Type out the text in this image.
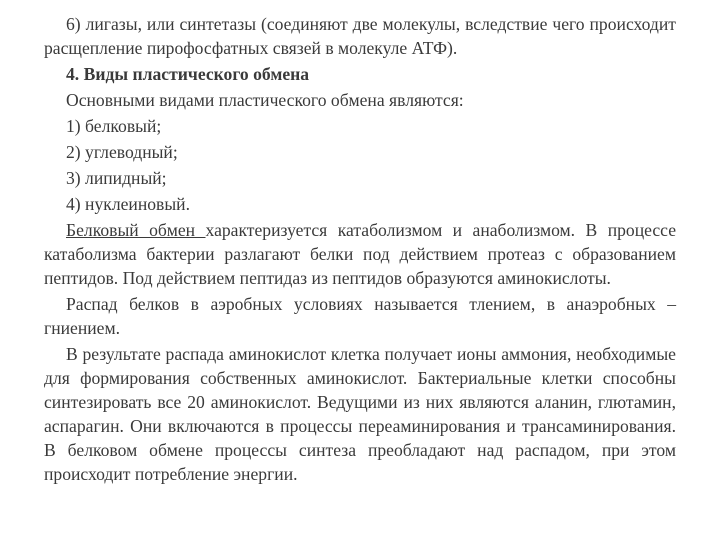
6) лигазы, или синтетазы (соединяют две молекулы, вследствие чего происходит расщепление пирофосфатных связей в молекуле АТФ).

4. Виды пластического обмена

Основными видами пластического обмена являются:

1) белковый;

2) углеводный;

3) липидный;

4) нуклеиновый.

Белковый обмен характеризуется катаболизмом и анаболизмом. В процессе катаболизма бактерии разлагают белки под действием протеаз с образованием пептидов. Под действием пептидаз из пептидов образуются аминокислоты.

Распад белков в аэробных условиях называется тлением, в анаэробных – гниением.

В результате распада аминокислот клетка получает ионы аммония, необходимые для формирования собственных аминокислот. Бактериальные клетки способны синтезировать все 20 аминокислот. Ведущими из них являются аланин, глютамин, аспарагин. Они включаются в процессы переаминирования и трансаминирования. В белковом обмене процессы синтеза преобладают над распадом, при этом происходит потребление энергии.
